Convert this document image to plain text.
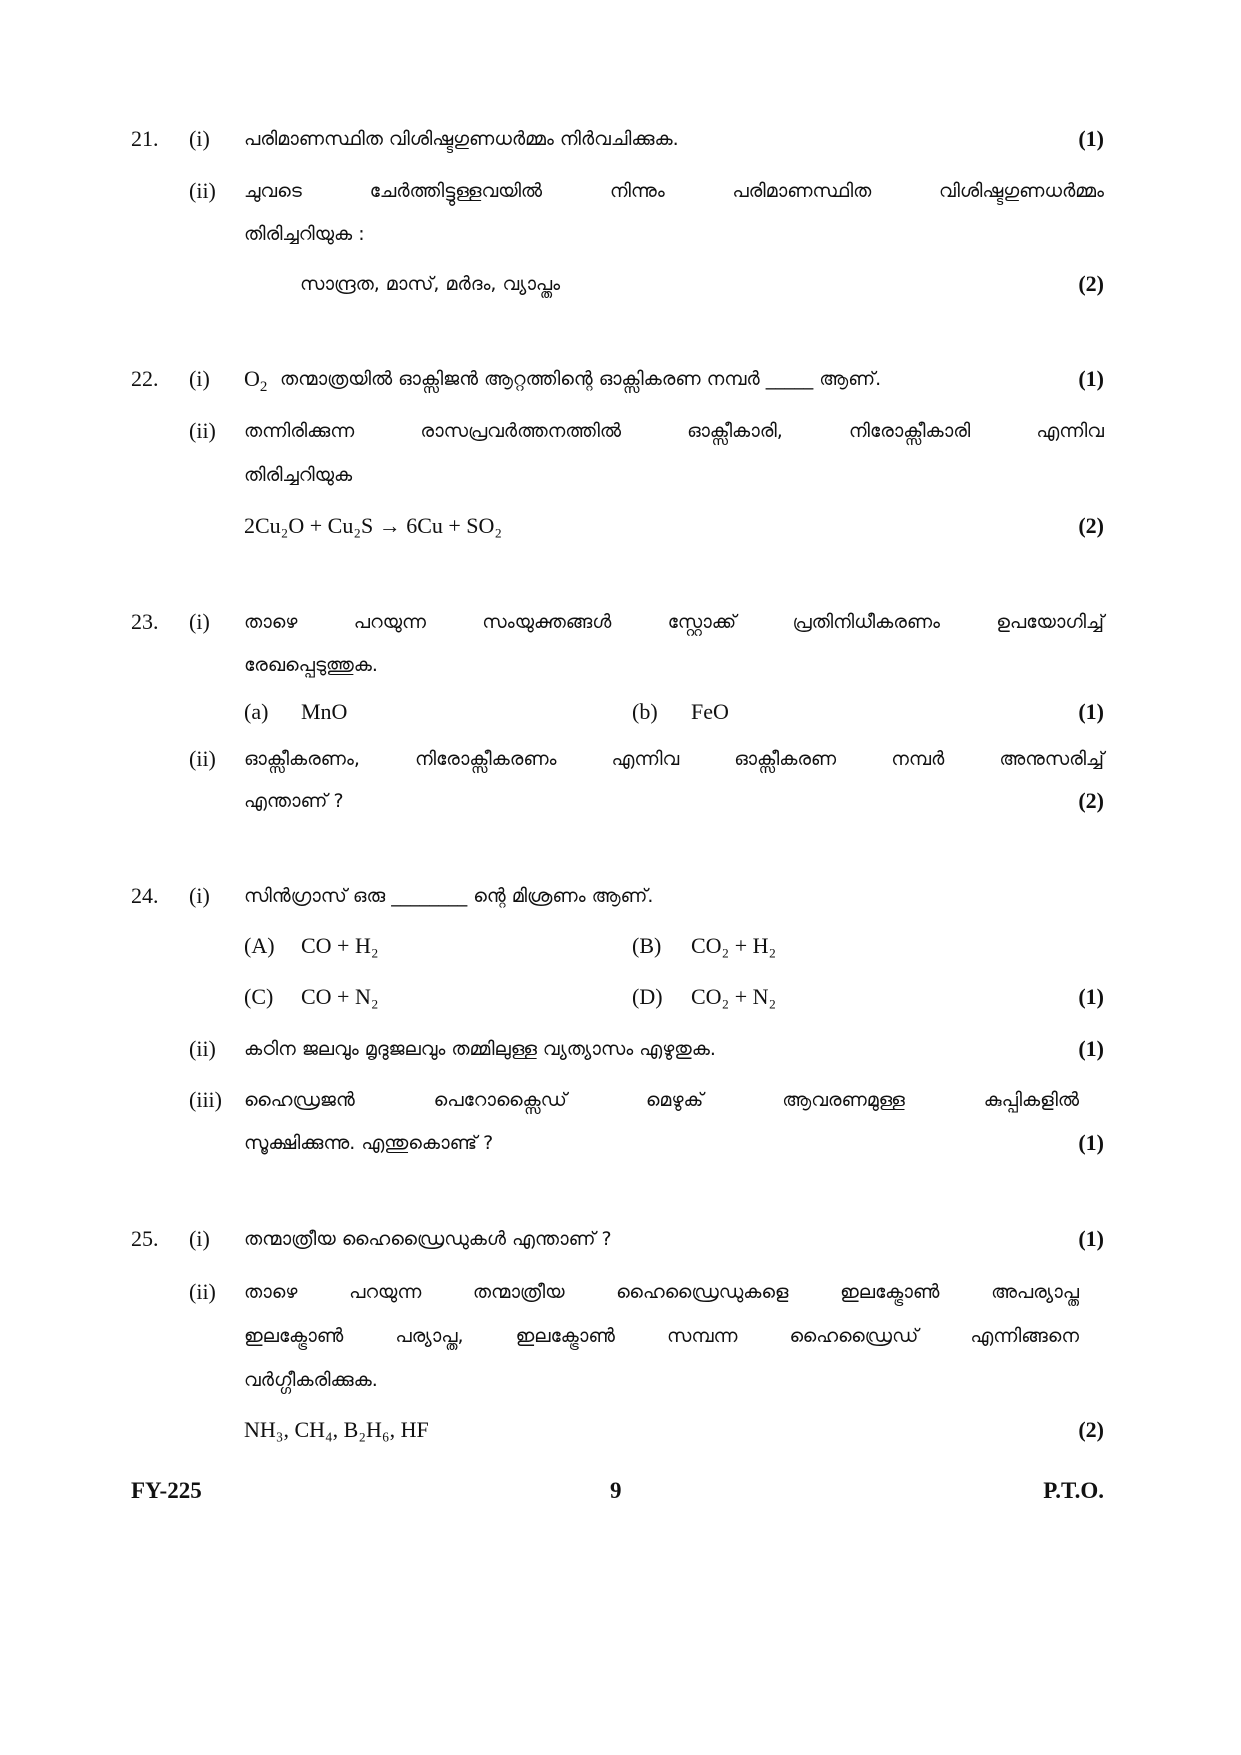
21. (i) പരിമാണസ്ഥിത വിശിഷ്ടഗുണധർമ്മം നിർവചിക്കുക.	(1)
(ii) ചുവടെ ചേർത്തിട്ടുള്ളവയിൽ നിന്നും പരിമാണസ്ഥിത വിശിഷ്ടഗുണധർമ്മം
തിരിച്ചറിയുക :
സാന്ദ്രത, മാസ്, മർദം, വ്യാപ്തം	(2)
22. (i) $O_2$ തന്മാത്രയിൽ ഓക്സിജൻ ആറ്റത്തിന്റെ ഓക്സികരണ നമ്പർ _____ ആണ്.	(1)
(ii) തന്നിരിക്കുന്ന രാസപ്രവർത്തനത്തിൽ ഓക്സീകാരി, നിരോക്സീകാരി എന്നിവ
തിരിച്ചറിയുക
2Cu₂O + Cu₂S → 6Cu + SO₂	(2)
23. (i) താഴെ പറയുന്ന സംയുക്തങ്ങൾ സ്റ്റോക്ക് പ്രതിനിധീകരണം ഉപയോഗിച്ച്
രേഖപ്പെടുത്തുക.
(a) MnO	(b) FeO	(1)
(ii) ഓക്സീകരണം, നിരോക്സീകരണം എന്നിവ ഓക്സീകരണ നമ്പർ അനുസരിച്ച്
എന്താണ് ?	(2)
24. (i) സിൻഗ്രാസ് ഒരു ________ ന്റെ മിശ്രണം ആണ്.
(A) CO + H₂	(B) CO₂ + H₂
(C) CO + N₂	(D) CO₂ + N₂	(1)
(ii) കഠിന ജലവും മൃദുജലവും തമ്മിലുള്ള വ്യത്യാസം എഴുതുക.	(1)
(iii) ഹൈഡ്രജൻ പെറോക്സൈഡ് മെഴുക് ആവരണമുള്ള കുപ്പികളിൽ
സൂക്ഷിക്കുന്നു. എന്തുകൊണ്ട് ?	(1)
25. (i) തന്മാത്രീയ ഹൈഡ്രൈഡുകൾ എന്താണ് ?	(1)
(ii) താഴെ പറയുന്ന തന്മാത്രീയ ഹൈഡ്രൈഡുകളെ ഇലക്ട്രോൺ അപര്യാപ്ത
ഇലക്ട്രോൺ പര്യാപ്ത, ഇലക്ട്രോൺ സമ്പന്ന ഹൈഡ്രൈഡ് എന്നിങ്ങനെ
വർഗ്ഗീകരിക്കുക.
NH₃, CH₄, B₂H₆, HF	(2)
FY-225	9	P.T.O.
